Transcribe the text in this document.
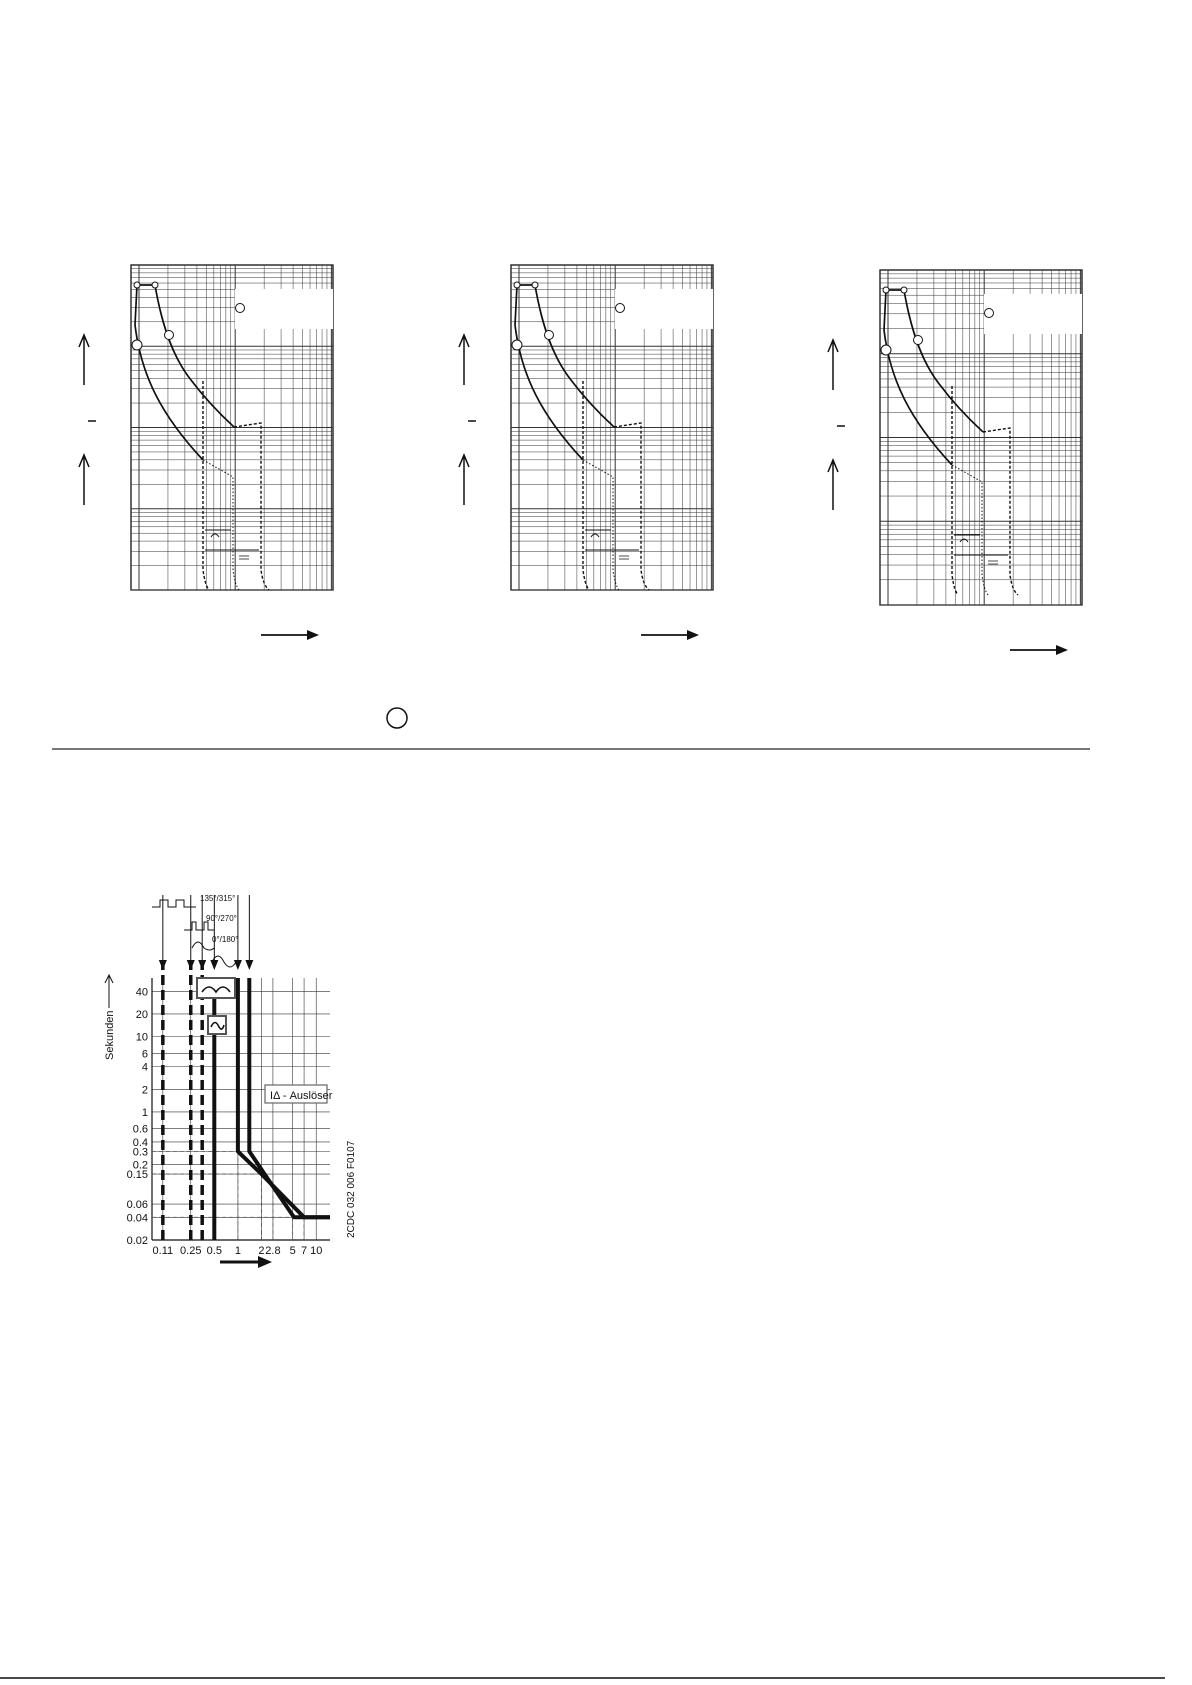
40
20
10
6
4
2
1
0.6
0.4
0.3
0.2
0.15
0.06
0.04
0.02
0.11 0.25 0.5 1 2 2.8 5 7 10
135°/315°
90°/270°
0°/180°
IΔ - Auslöser
Sekunden
2CDC 032 006 F0107
